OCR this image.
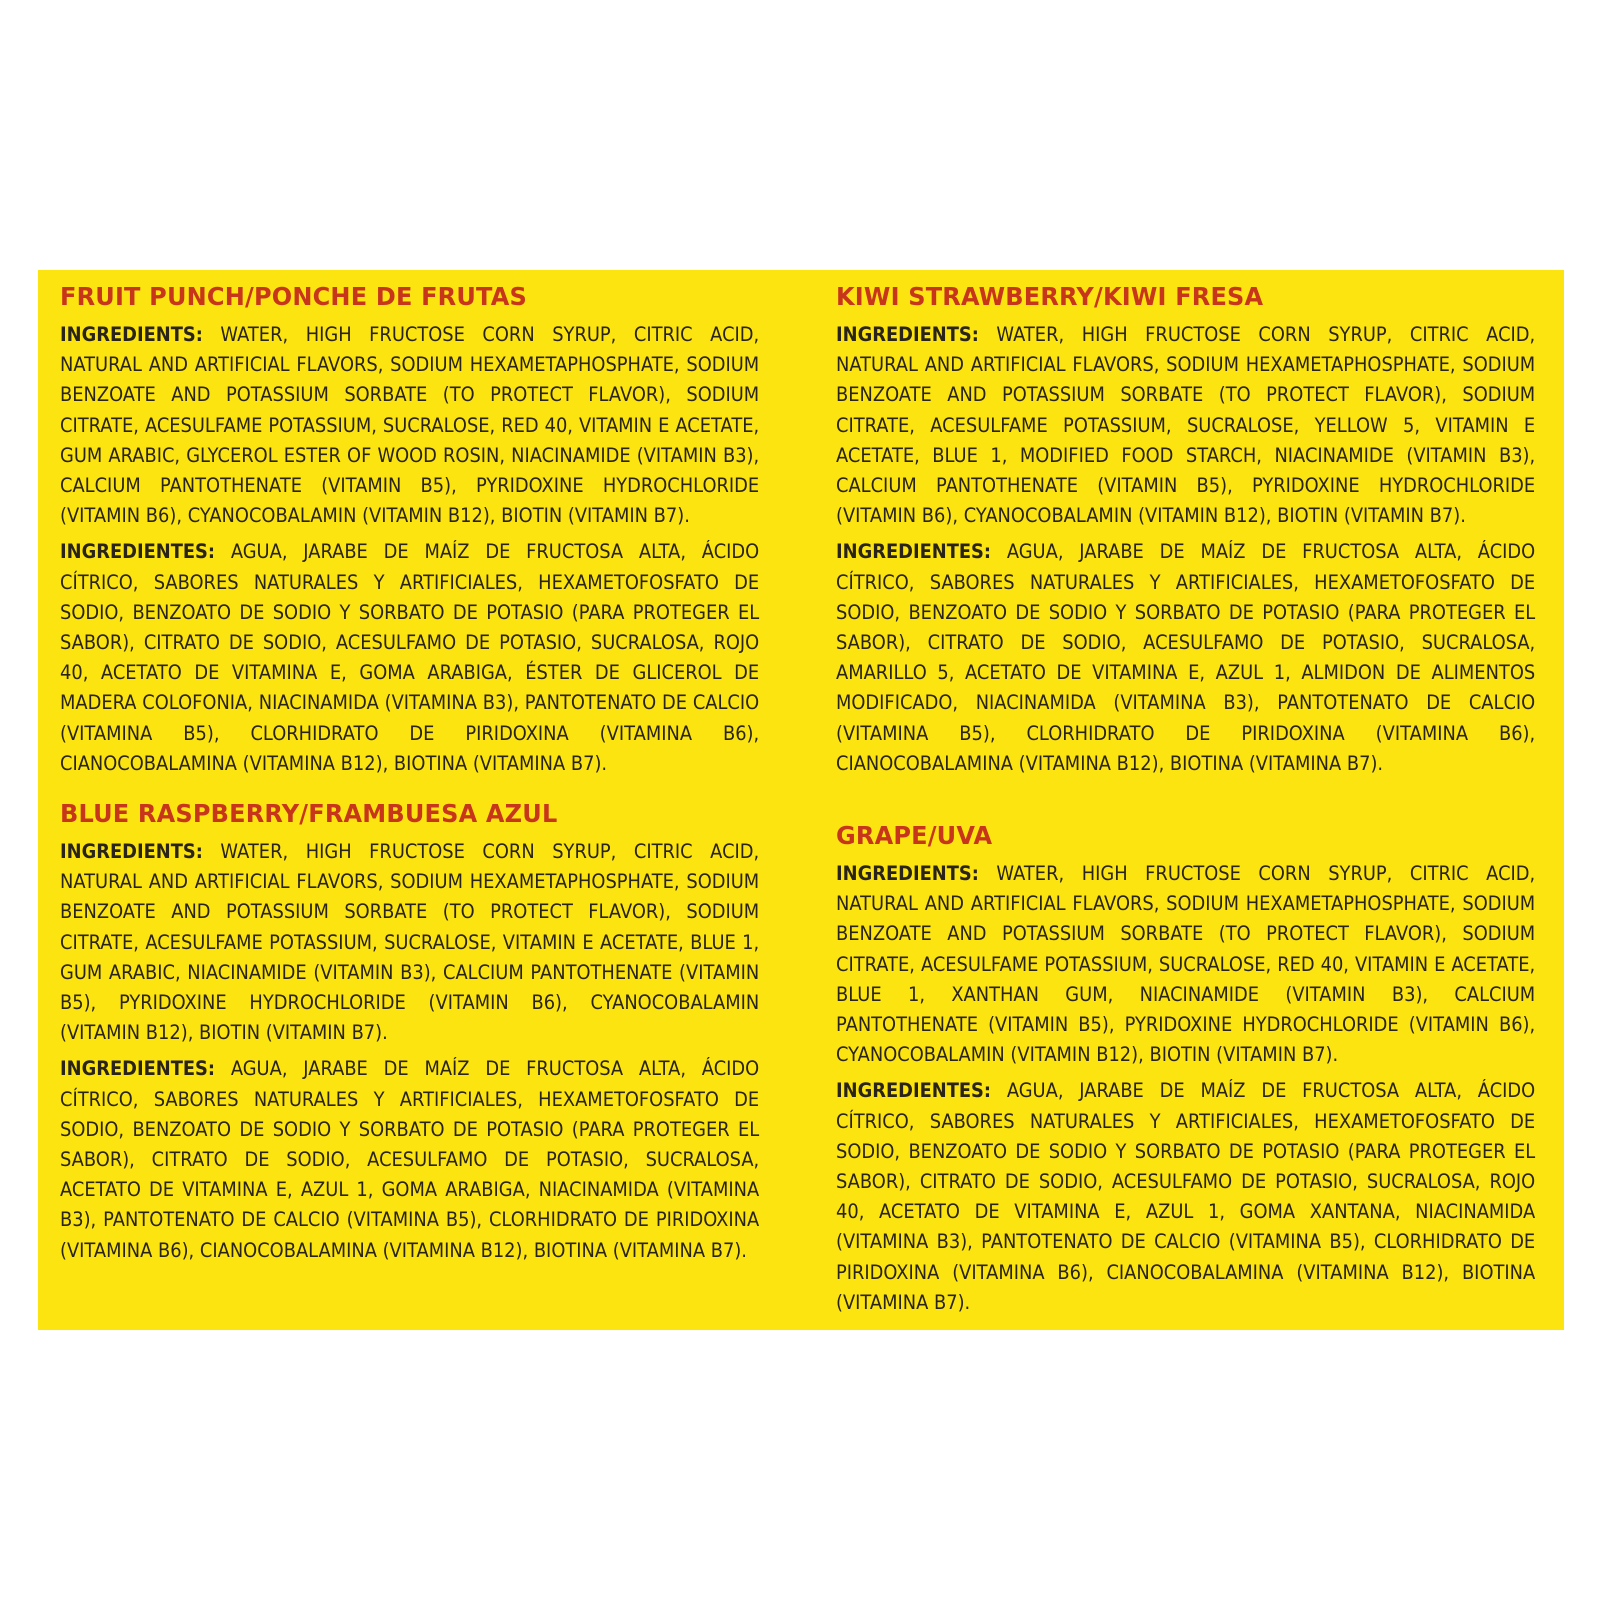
FRUIT PUNCH/PONCHE DE FRUTAS

INGREDIENTS: WATER, HIGH FRUCTOSE CORN SYRUP, CITRIC ACID, NATURAL AND ARTIFICIAL FLAVORS, SODIUM HEXAMETAPHOSPHATE, SODIUM BENZOATE AND POTASSIUM SORBATE (TO PROTECT FLAVOR), SODIUM CITRATE, ACESULFAME POTASSIUM, SUCRALOSE, RED 40, VITAMIN E ACETATE, GUM ARABIC, GLYCEROL ESTER OF WOOD ROSIN, NIACINAMIDE (VITAMIN B3), CALCIUM PANTOTHENATE (VITAMIN B5), PYRIDOXINE HYDROCHLORIDE (VITAMIN B6), CYANOCOBALAMIN (VITAMIN B12), BIOTIN (VITAMIN B7).

INGREDIENTES: AGUA, JARABE DE MAÍZ DE FRUCTOSA ALTA, ÁCIDO CÍTRICO, SABORES NATURALES Y ARTIFICIALES, HEXAMETOFOSFATO DE SODIO, BENZOATO DE SODIO Y SORBATO DE POTASIO (PARA PROTEGER EL SABOR), CITRATO DE SODIO, ACESULFAMO DE POTASIO, SUCRALOSA, ROJO 40, ACETATO DE VITAMINA E, GOMA ARABIGA, ÉSTER DE GLICEROL DE MADERA COLOFONIA, NIACINAMIDA (VITAMINA B3), PANTOTENATO DE CALCIO (VITAMINA B5), CLORHIDRATO DE PIRIDOXINA (VITAMINA B6), CIANOCOBALAMINA (VITAMINA B12), BIOTINA (VITAMINA B7).

BLUE RASPBERRY/FRAMBUESA AZUL

INGREDIENTS: WATER, HIGH FRUCTOSE CORN SYRUP, CITRIC ACID, NATURAL AND ARTIFICIAL FLAVORS, SODIUM HEXAMETAPHOSPHATE, SODIUM BENZOATE AND POTASSIUM SORBATE (TO PROTECT FLAVOR), SODIUM CITRATE, ACESULFAME POTASSIUM, SUCRALOSE, VITAMIN E ACETATE, BLUE 1, GUM ARABIC, NIACINAMIDE (VITAMIN B3), CALCIUM PANTOTHENATE (VITAMIN B5), PYRIDOXINE HYDROCHLORIDE (VITAMIN B6), CYANOCOBALAMIN (VITAMIN B12), BIOTIN (VITAMIN B7).

INGREDIENTES: AGUA, JARABE DE MAÍZ DE FRUCTOSA ALTA, ÁCIDO CÍTRICO, SABORES NATURALES Y ARTIFICIALES, HEXAMETOFOSFATO DE SODIO, BENZOATO DE SODIO Y SORBATO DE POTASIO (PARA PROTEGER EL SABOR), CITRATO DE SODIO, ACESULFAMO DE POTASIO, SUCRALOSA, ACETATO DE VITAMINA E, AZUL 1, GOMA ARABIGA, NIACINAMIDA (VITAMINA B3), PANTOTENATO DE CALCIO (VITAMINA B5), CLORHIDRATO DE PIRIDOXINA (VITAMINA B6), CIANOCOBALAMINA (VITAMINA B12), BIOTINA (VITAMINA B7).

KIWI STRAWBERRY/KIWI FRESA

INGREDIENTS: WATER, HIGH FRUCTOSE CORN SYRUP, CITRIC ACID, NATURAL AND ARTIFICIAL FLAVORS, SODIUM HEXAMETAPHOSPHATE, SODIUM BENZOATE AND POTASSIUM SORBATE (TO PROTECT FLAVOR), SODIUM CITRATE, ACESULFAME POTASSIUM, SUCRALOSE, YELLOW 5, VITAMIN E ACETATE, BLUE 1, MODIFIED FOOD STARCH, NIACINAMIDE (VITAMIN B3), CALCIUM PANTOTHENATE (VITAMIN B5), PYRIDOXINE HYDROCHLORIDE (VITAMIN B6), CYANOCOBALAMIN (VITAMIN B12), BIOTIN (VITAMIN B7).

INGREDIENTES: AGUA, JARABE DE MAÍZ DE FRUCTOSA ALTA, ÁCIDO CÍTRICO, SABORES NATURALES Y ARTIFICIALES, HEXAMETOFOSFATO DE SODIO, BENZOATO DE SODIO Y SORBATO DE POTASIO (PARA PROTEGER EL SABOR), CITRATO DE SODIO, ACESULFAMO DE POTASIO, SUCRALOSA, AMARILLO 5, ACETATO DE VITAMINA E, AZUL 1, ALMIDON DE ALIMENTOS MODIFICADO, NIACINAMIDA (VITAMINA B3), PANTOTENATO DE CALCIO (VITAMINA B5), CLORHIDRATO DE PIRIDOXINA (VITAMINA B6), CIANOCOBALAMINA (VITAMINA B12), BIOTINA (VITAMINA B7).

GRAPE/UVA

INGREDIENTS: WATER, HIGH FRUCTOSE CORN SYRUP, CITRIC ACID, NATURAL AND ARTIFICIAL FLAVORS, SODIUM HEXAMETAPHOSPHATE, SODIUM BENZOATE AND POTASSIUM SORBATE (TO PROTECT FLAVOR), SODIUM CITRATE, ACESULFAME POTASSIUM, SUCRALOSE, RED 40, VITAMIN E ACETATE, BLUE 1, XANTHAN GUM, NIACINAMIDE (VITAMIN B3), CALCIUM PANTOTHENATE (VITAMIN B5), PYRIDOXINE HYDROCHLORIDE (VITAMIN B6), CYANOCOBALAMIN (VITAMIN B12), BIOTIN (VITAMIN B7).

INGREDIENTES: AGUA, JARABE DE MAÍZ DE FRUCTOSA ALTA, ÁCIDO CÍTRICO, SABORES NATURALES Y ARTIFICIALES, HEXAMETOFOSFATO DE SODIO, BENZOATO DE SODIO Y SORBATO DE POTASIO (PARA PROTEGER EL SABOR), CITRATO DE SODIO, ACESULFAMO DE POTASIO, SUCRALOSA, ROJO 40, ACETATO DE VITAMINA E, AZUL 1, GOMA XANTANA, NIACINAMIDA (VITAMINA B3), PANTOTENATO DE CALCIO (VITAMINA B5), CLORHIDRATO DE PIRIDOXINA (VITAMINA B6), CIANOCOBALAMINA (VITAMINA B12), BIOTINA (VITAMINA B7).
